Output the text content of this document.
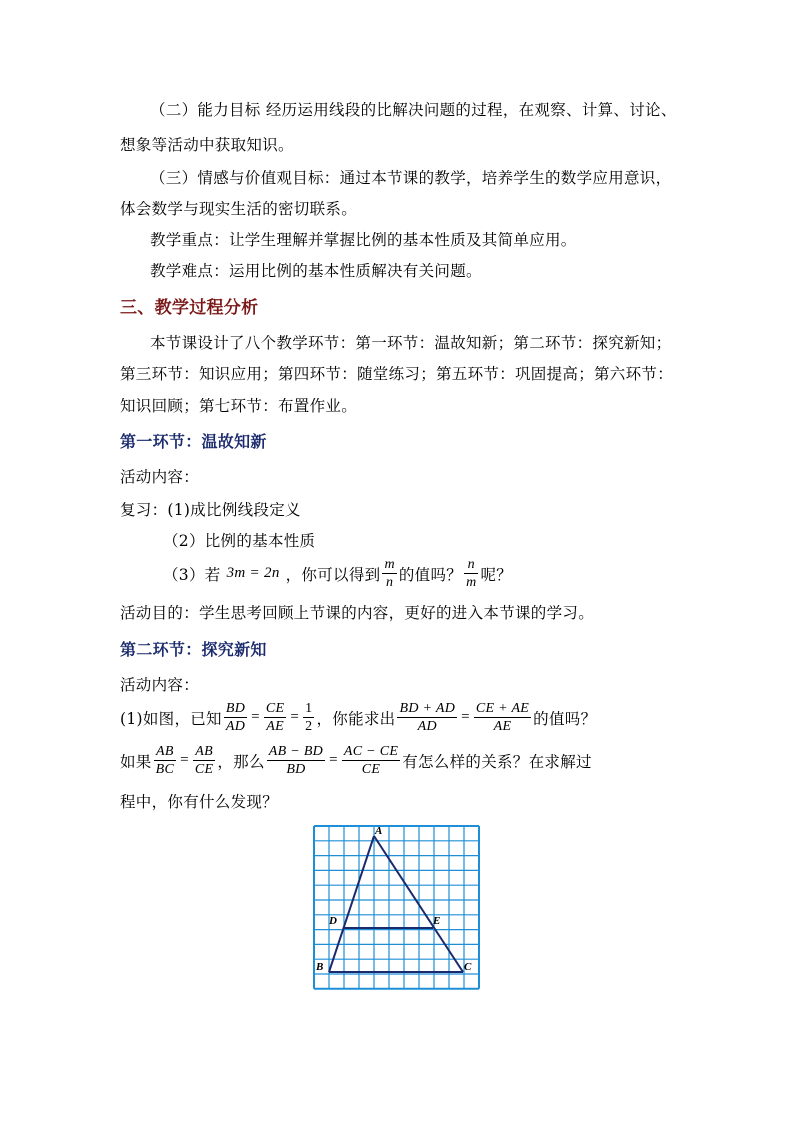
（二）能力目标 经历运用线段的比解决问题的过程，在观察、计算、讨论、
想象等活动中获取知识。
（三）情感与价值观目标：通过本节课的教学，培养学生的数学应用意识，
体会数学与现实生活的密切联系。
教学重点：让学生理解并掌握比例的基本性质及其简单应用。
教学难点：运用比例的基本性质解决有关问题。
三、教学过程分析
本节课设计了八个教学环节：第一环节：温故知新；第二环节：探究新知；
第三环节：知识应用；第四环节：随堂练习；第五环节：巩固提高；第六环节：
知识回顾；第七环节：布置作业。
第一环节：温故知新
活动内容：
复习：(1)成比例线段定义
（2）比例的基本性质
（3）若 3m = 2n ，你可以得到 $\frac{m}{n}$ 的值吗？ $\frac{n}{m}$ 呢？
活动目的：学生思考回顾上节课的内容，更好的进入本节课的学习。
第二环节：探究新知
活动内容：
(1)如图，已知 $\frac{BD}{AD} = \frac{CE}{AE} = \frac{1}{2}$ ，你能求出 $\frac{BD + AD}{AD} = \frac{CE + AE}{AE}$ 的值吗？
如果 $\frac{AB}{BC} = \frac{AB}{CE}$ ，那么 $\frac{AB - BD}{BD} = \frac{AC - CE}{CE}$ 有怎么样的关系？在求解过
程中，你有什么发现？
A
D	E
B	C
